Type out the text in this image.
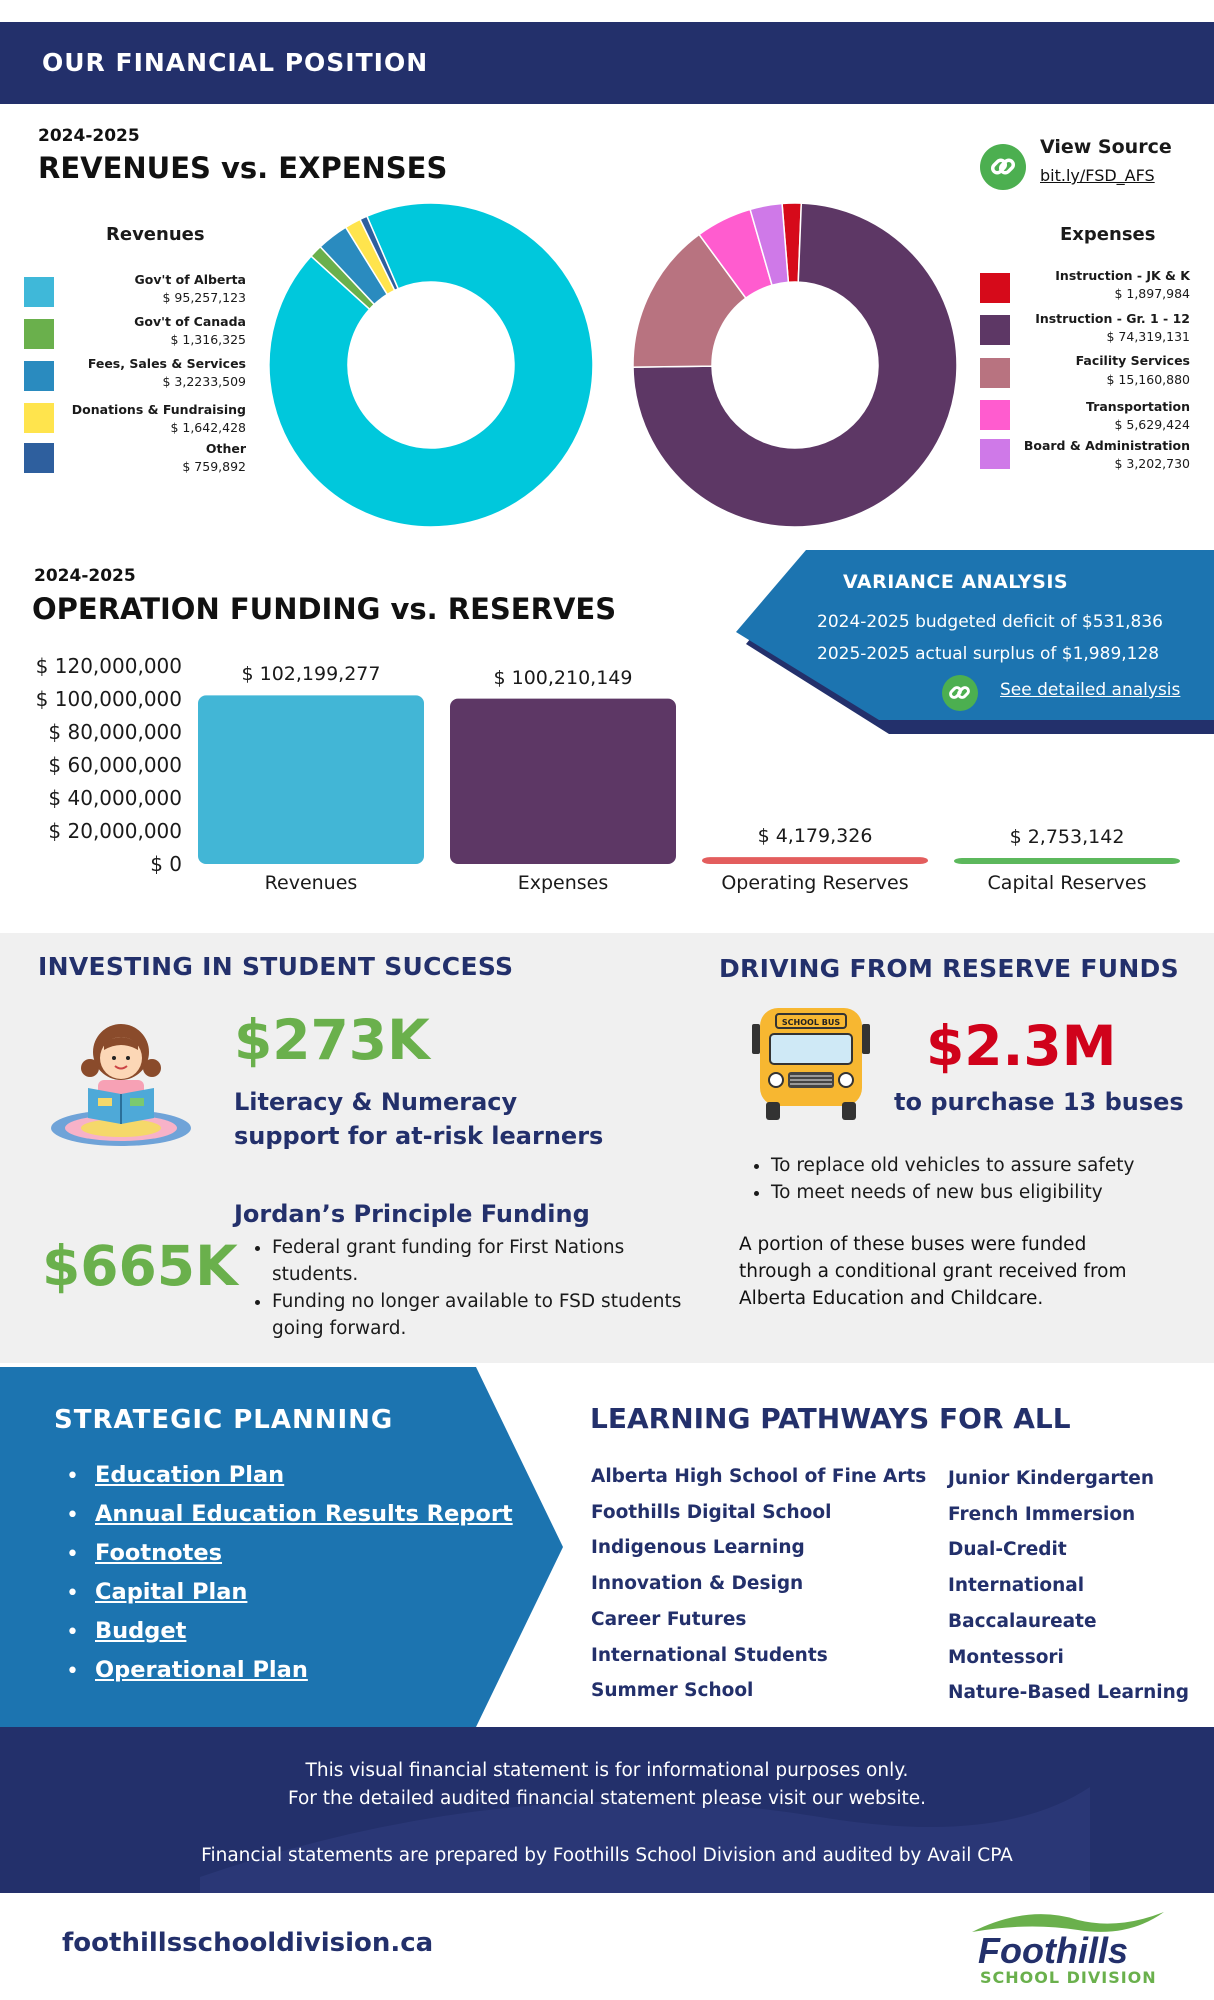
OUR FINANCIAL POSITION
2024-2025
REVENUES vs. EXPENSES
View Source
bit.ly/FSD_AFS
Revenues	Expenses
Gov't of Alberta
$ 95,257,123
Gov't of Canada
$ 1,316,325
Fees, Sales & Services
$ 3,2233,509
Donations & Fundraising
$ 1,642,428
Other
$ 759,892
Instruction - JK & K
$ 1,897,984
Instruction - Gr. 1 - 12
$ 74,319,131
Facility Services
$ 15,160,880
Transportation
$ 5,629,424
Board & Administration
$ 3,202,730
2024-2025
OPERATION FUNDING vs. RESERVES
VARIANCE ANALYSIS
2024-2025 budgeted deficit of $531,836
2025-2025 actual surplus of $1,989,128
See detailed analysis
$ 0
$ 20,000,000
$ 40,000,000
$ 60,000,000
$ 80,000,000
$ 100,000,000
$ 120,000,000	$ 102,199,277
Revenues
$ 100,210,149
Expenses
$ 4,179,326
Operating Reserves
$ 2,753,142
Capital Reserves
INVESTING IN STUDENT SUCCESS
$273K
Literacy & Numeracy
support for at-risk learners
Jordan’s Principle Funding
$665K
• Federal grant funding for First Nations students.
• Funding no longer available to FSD students going forward.
DRIVING FROM RESERVE FUNDS
SCHOOL BUS $2.3M
to purchase 13 buses
• To replace old vehicles to assure safety
• To meet needs of new bus eligibility
A portion of these buses were funded
through a conditional grant received from
Alberta Education and Childcare.
STRATEGIC PLANNING
• Education Plan
• Annual Education Results Report
• Footnotes
• Capital Plan
• Budget
• Operational Plan
LEARNING PATHWAYS FOR ALL
Alberta High School of Fine Arts
Foothills Digital School
Indigenous Learning
Innovation & Design
Career Futures
International Students
Summer School
Junior Kindergarten
French Immersion
Dual-Credit
International
Baccalaureate
Montessori
Nature-Based Learning
This visual financial statement is for informational purposes only.
For the detailed audited financial statement please visit our website.
Financial statements are prepared by Foothills School Division and audited by Avail CPA
foothillsschooldivision.ca	Foothills
SCHOOL DIVISION
